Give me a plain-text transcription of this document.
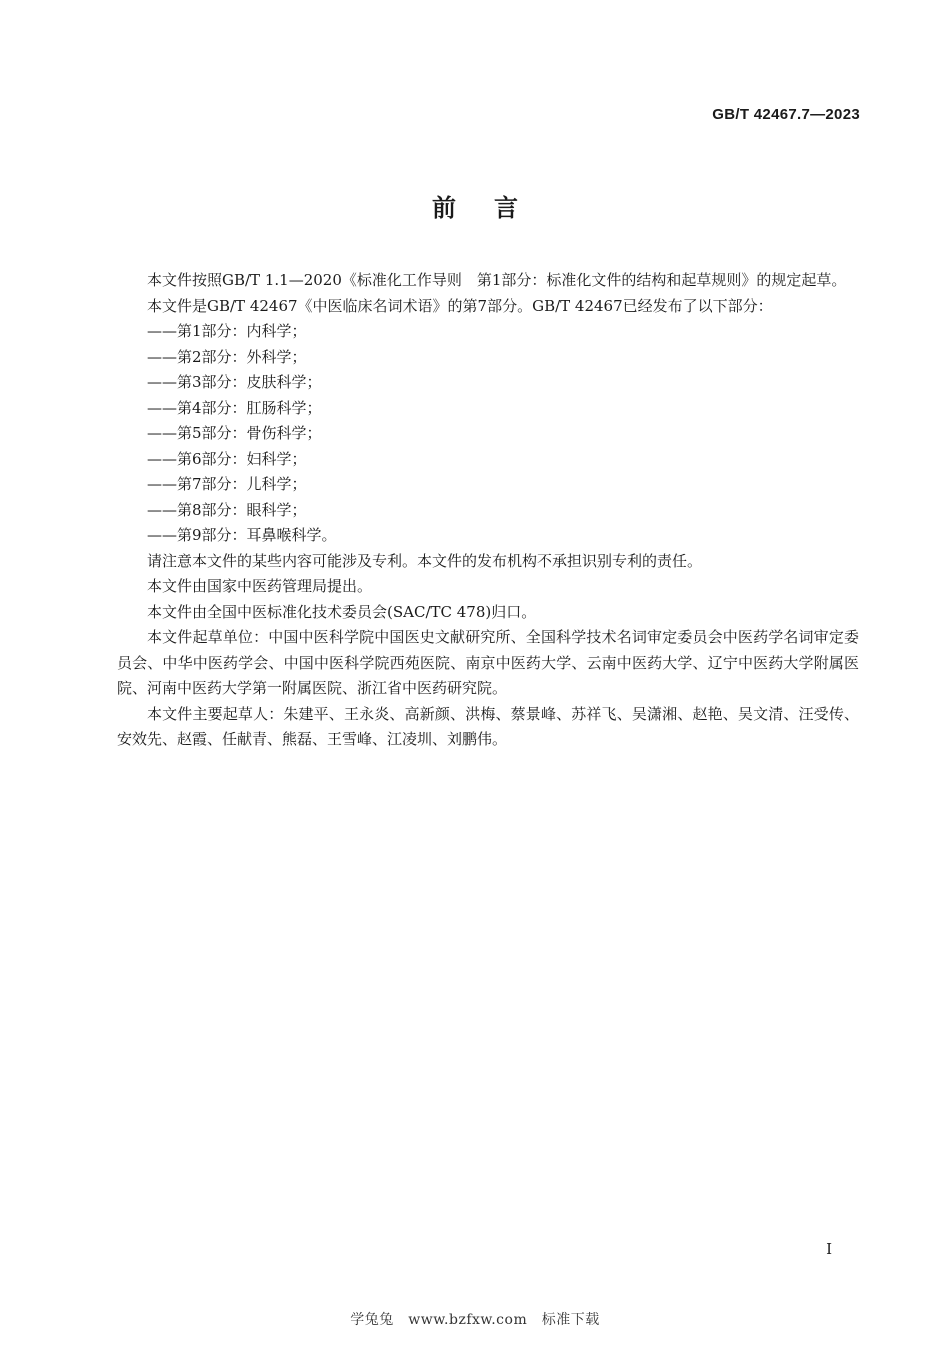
GB/T 42467.7—2023
前言

本文件按照GB/T 1.1—2020《标准化工作导则　第1部分：标准化文件的结构和起草规则》的规定起草。

本文件是GB/T 42467《中医临床名词术语》的第7部分。GB/T 42467已经发布了以下部分：

——第1部分：内科学；

——第2部分：外科学；

——第3部分：皮肤科学；

——第4部分：肛肠科学；

——第5部分：骨伤科学；

——第6部分：妇科学；

——第7部分：儿科学；

——第8部分：眼科学；

——第9部分：耳鼻喉科学。

请注意本文件的某些内容可能涉及专利。本文件的发布机构不承担识别专利的责任。

本文件由国家中医药管理局提出。

本文件由全国中医标准化技术委员会(SAC/TC 478)归口。

本文件起草单位：中国中医科学院中国医史文献研究所、全国科学技术名词审定委员会中医药学名词审定委员会、中华中医药学会、中国中医科学院西苑医院、南京中医药大学、云南中医药大学、辽宁中医药大学附属医院、河南中医药大学第一附属医院、浙江省中医药研究院。

本文件主要起草人：朱建平、王永炎、高新颜、洪梅、蔡景峰、苏祥飞、吴潇湘、赵艳、吴文清、汪受传、安效先、赵霞、任献青、熊磊、王雪峰、江凌圳、刘鹏伟。

I
学兔兔　www.bzfxw.com　标准下载
